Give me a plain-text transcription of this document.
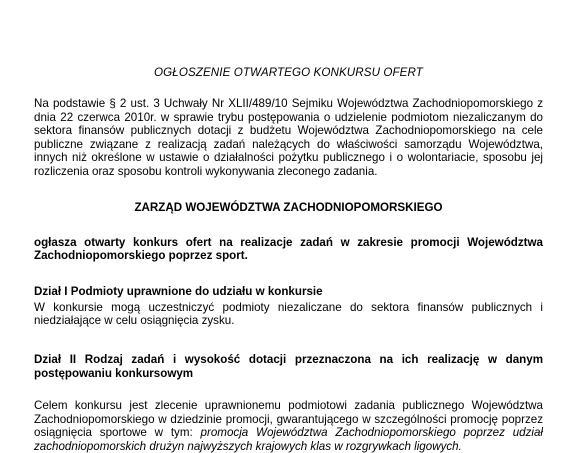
OGŁOSZENIE OTWARTEGO KONKURSU OFERT

Na podstawie § 2 ust. 3 Uchwały Nr XLII/489/10 Sejmiku Województwa Zachodniopomorskiego z dnia 22 czerwca 2010r. w sprawie trybu postępowania o udzielenie podmiotom niezaliczanym do sektora finansów publicznych dotacji z budżetu Województwa Zachodniopomorskiego na cele publiczne związane z realizacją zadań należących do właściwości samorządu Województwa, innych niż określone w ustawie o działalności pożytku publicznego i o wolontariacie, sposobu jej rozliczenia oraz sposobu kontroli wykonywania zleconego zadania.

ZARZĄD WOJEWÓDZTWA ZACHODNIOPOMORSKIEGO

ogłasza otwarty konkurs ofert na realizacje zadań w zakresie promocji Województwa Zachodniopomorskiego poprzez sport.

Dział I Podmioty uprawnione do udziału w konkursie

W konkursie mogą uczestniczyć podmioty niezaliczane do sektora finansów publicznych i niedziałające w celu osiągnięcia zysku.

Dział II Rodzaj zadań i wysokość dotacji przeznaczona na ich realizację w danym postępowaniu konkursowym

Celem konkursu jest zlecenie uprawnionemu podmiotowi zadania publicznego Województwa Zachodniopomorskiego w dziedzinie promocji, gwarantującego w szczególności promocję poprzez osiągnięcia sportowe w tym: promocja Województwa Zachodniopomorskiego poprzez udział zachodniopomorskich drużyn najwyższych krajowych klas w rozgrywkach ligowych.
